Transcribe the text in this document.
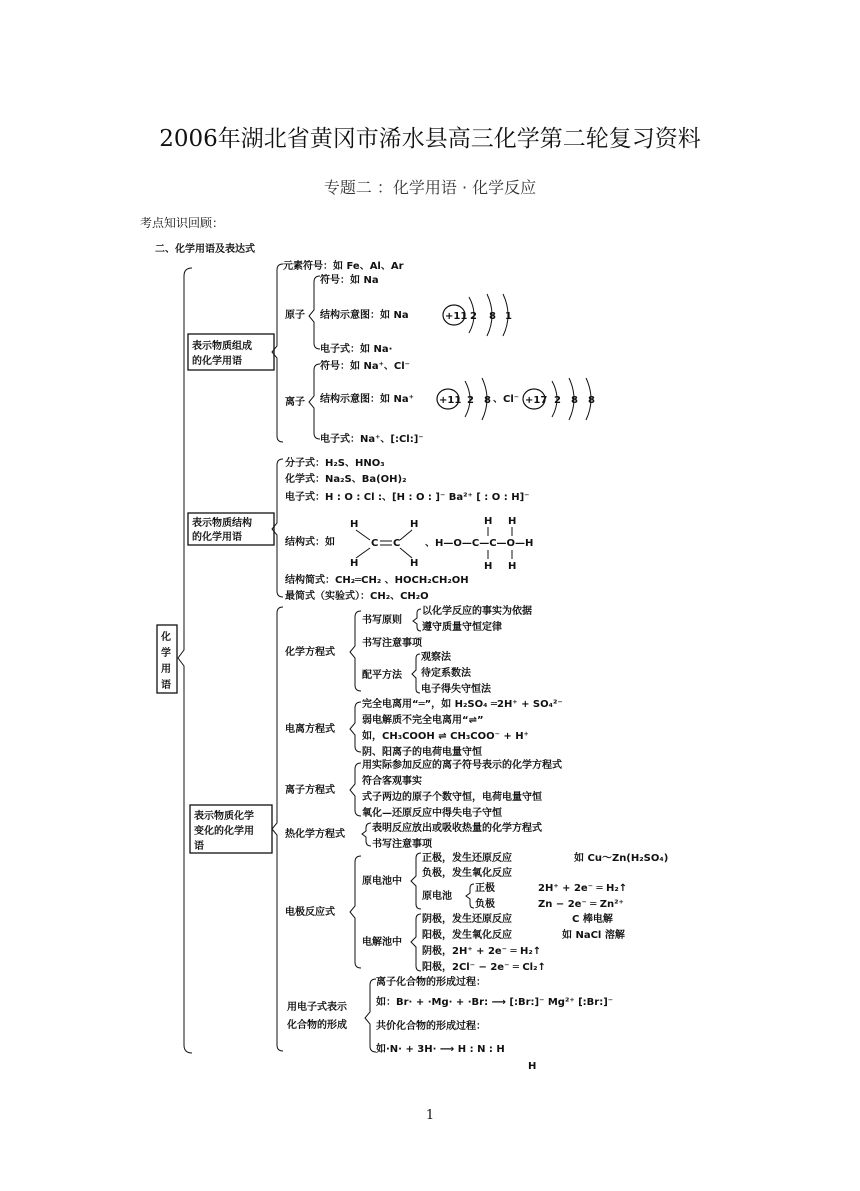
2006年湖北省黄冈市浠水县高三化学第二轮复习资料
专题二 ：化学用语 · 化学反应
考点知识回顾：
二、化学用语及表达式
化
学
用
语
表示物质组成
的化学用语
元素符号：如 Fe、Al、Ar
原子
符号：如 Na
结构示意图：如 Na	+11 2 8 1
电子式：如 Na·
离子
符号：如 Na⁺、Cl⁻
结构示意图：如 Na⁺	+11 2 8 、Cl⁻ +17 2 8 8
电子式：Na⁺、[:Cl:]⁻
表示物质结构
的化学用语
分子式：H₂S、HNO₃
化学式：Na₂S、Ba(OH)₂
电子式：H : O : Cl :、[H : O : ]⁻ Ba²⁺ [ : O : H]⁻
结构式：如
H	H
C C
H	H
、H—O—C—C—O—H
H H
H H
结构简式：CH₂═CH₂ 、HOCH₂CH₂OH
最简式（实验式）：CH₂、CH₂O
表示物质化学
变化的化学用
语
化学方程式
书写原则
以化学反应的事实为依据
遵守质量守恒定律
书写注意事项
配平方法
观察法
待定系数法
电子得失守恒法
电离方程式
完全电离用“═”，如 H₂SO₄ ═2H⁺ + SO₄²⁻
弱电解质不完全电离用“⇌”
如，CH₃COOH ⇌ CH₃COO⁻ + H⁺
阴、阳离子的电荷电量守恒
离子方程式
用实际参加反应的离子符号表示的化学方程式
符合客观事实
式子两边的原子个数守恒，电荷电量守恒
氧化—还原反应中得失电子守恒
热化学方程式
表明反应放出或吸收热量的化学方程式
书写注意事项
电极反应式
原电池中
正极，发生还原反应	如 Cu～Zn(H₂SO₄)
负极，发生氧化反应
原电池
正极	2H⁺ + 2e⁻ ═ H₂↑
负极	Zn − 2e⁻ ═ Zn²⁺
电解池中
阴极，发生还原反应	C 棒电解
阳极，发生氧化反应	如 NaCl 溶解
阴极，2H⁺ + 2e⁻ ═ H₂↑
阳极，2Cl⁻ − 2e⁻ ═ Cl₂↑
用电子式表示
化合物的形成
离子化合物的形成过程：
如：Br· + ·Mg· + ·Br: ⟶ [:Br:]⁻ Mg²⁺ [:Br:]⁻
共价化合物的形成过程：
如·N· + 3H· ⟶ H : N : H
H
1
